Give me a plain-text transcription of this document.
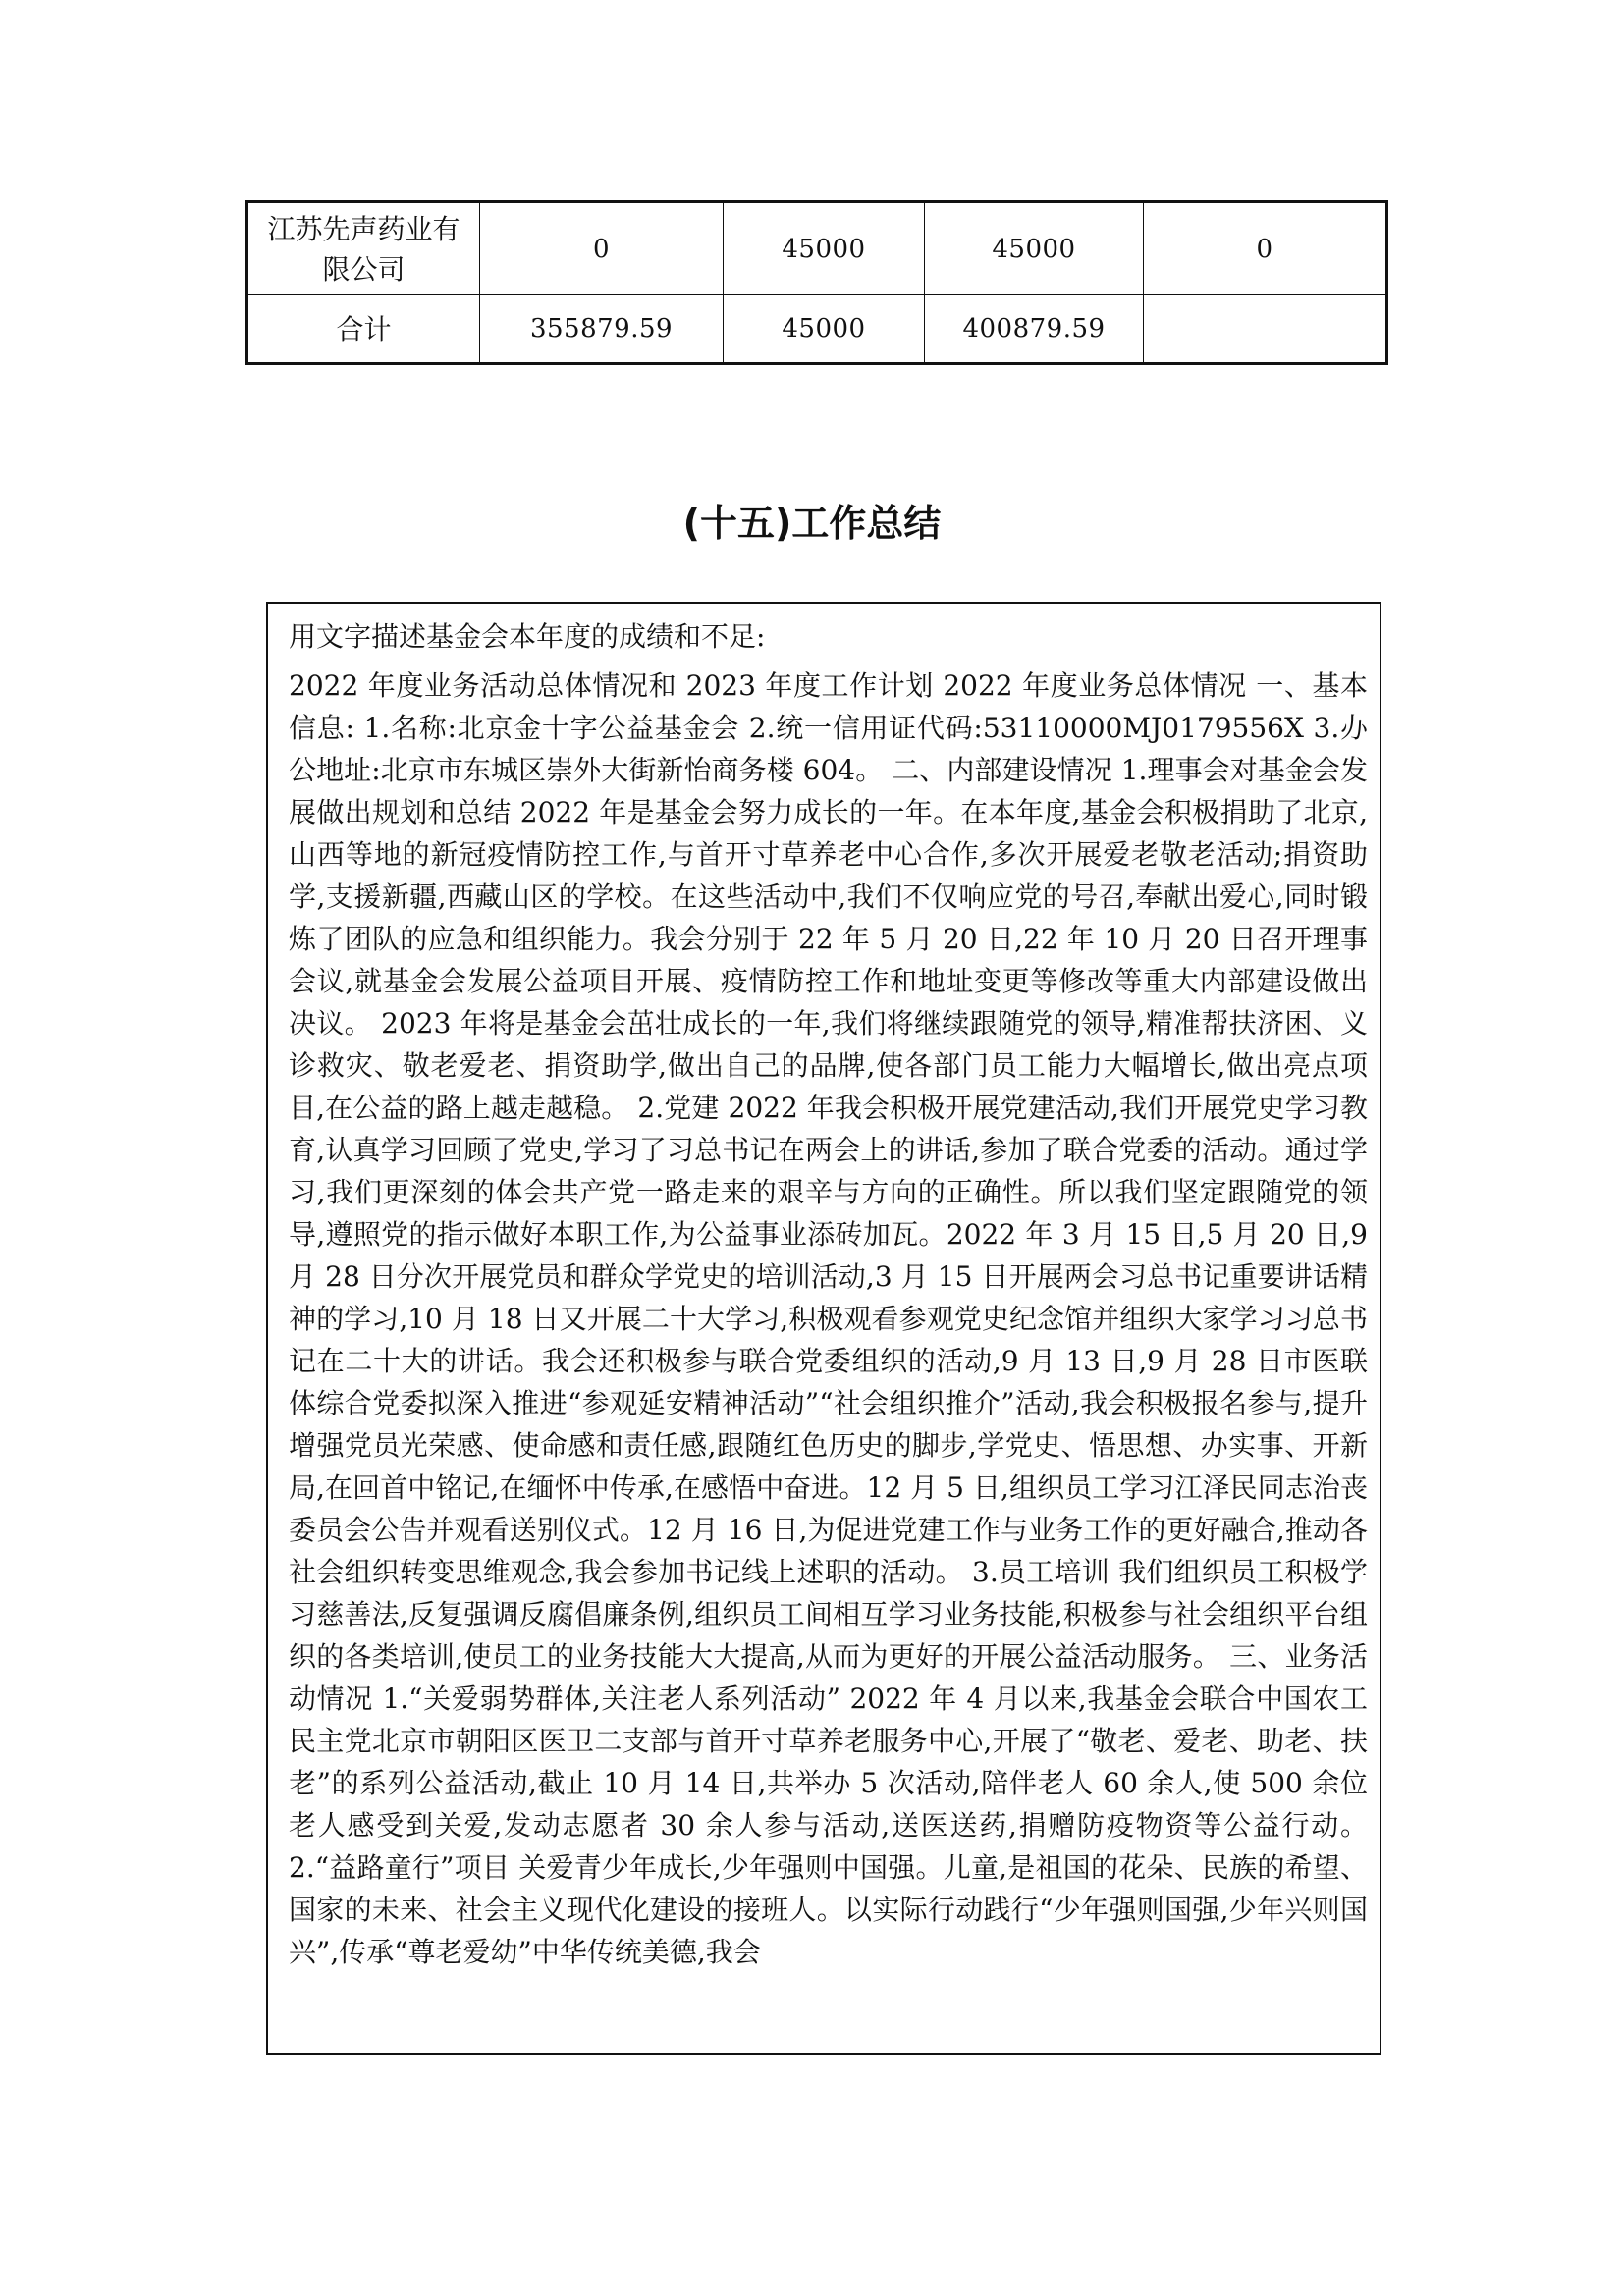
江苏先声药业有限公司	0	45000	45000	0
合计	355879.59	45000	400879.59	
(十五)工作总结

用文字描述基金会本年度的成绩和不足:

2022 年度业务活动总体情况和 2023 年度工作计划 2022 年度业务总体情况 一、基本信息: 1.名称:北京金十字公益基金会 2.统一信用证代码:53110000MJ0179556X 3.办公地址:北京市东城区崇外大街新怡商务楼 604。 二、内部建设情况 1.理事会对基金会发展做出规划和总结 2022 年是基金会努力成长的一年。在本年度,基金会积极捐助了北京,山西等地的新冠疫情防控工作,与首开寸草养老中心合作,多次开展爱老敬老活动;捐资助学,支援新疆,西藏山区的学校。在这些活动中,我们不仅响应党的号召,奉献出爱心,同时锻炼了团队的应急和组织能力。我会分别于 22 年 5 月 20 日,22 年 10 月 20 日召开理事会议,就基金会发展公益项目开展、疫情防控工作和地址变更等修改等重大内部建设做出决议。 2023 年将是基金会茁壮成长的一年,我们将继续跟随党的领导,精准帮扶济困、义诊救灾、敬老爱老、捐资助学,做出自己的品牌,使各部门员工能力大幅增长,做出亮点项目,在公益的路上越走越稳。 2.党建 2022 年我会积极开展党建活动,我们开展党史学习教育,认真学习回顾了党史,学习了习总书记在两会上的讲话,参加了联合党委的活动。通过学习,我们更深刻的体会共产党一路走来的艰辛与方向的正确性。所以我们坚定跟随党的领导,遵照党的指示做好本职工作,为公益事业添砖加瓦。2022 年 3 月 15 日,5 月 20 日,9 月 28 日分次开展党员和群众学党史的培训活动,3 月 15 日开展两会习总书记重要讲话精神的学习,10 月 18 日又开展二十大学习,积极观看参观党史纪念馆并组织大家学习习总书记在二十大的讲话。我会还积极参与联合党委组织的活动,9 月 13 日,9 月 28 日市医联体综合党委拟深入推进“参观延安精神活动”“社会组织推介”活动,我会积极报名参与,提升增强党员光荣感、使命感和责任感,跟随红色历史的脚步,学党史、悟思想、办实事、开新局,在回首中铭记,在缅怀中传承,在感悟中奋进。12 月 5 日,组织员工学习江泽民同志治丧委员会公告并观看送别仪式。12 月 16 日,为促进党建工作与业务工作的更好融合,推动各社会组织转变思维观念,我会参加书记线上述职的活动。 3.员工培训 我们组织员工积极学习慈善法,反复强调反腐倡廉条例,组织员工间相互学习业务技能,积极参与社会组织平台组织的各类培训,使员工的业务技能大大提高,从而为更好的开展公益活动服务。 三、业务活动情况 1.“关爱弱势群体,关注老人系列活动” 2022 年 4 月以来,我基金会联合中国农工民主党北京市朝阳区医卫二支部与首开寸草养老服务中心,开展了“敬老、爱老、助老、扶老”的系列公益活动,截止 10 月 14 日,共举办 5 次活动,陪伴老人 60 余人,使 500 余位老人感受到关爱,发动志愿者 30 余人参与活动,送医送药,捐赠防疫物资等公益行动。 2.“益路童行”项目 关爱青少年成长,少年强则中国强。儿童,是祖国的花朵、民族的希望、国家的未来、社会主义现代化建设的接班人。以实际行动践行“少年强则国强,少年兴则国兴”,传承“尊老爱幼”中华传统美德,我会
